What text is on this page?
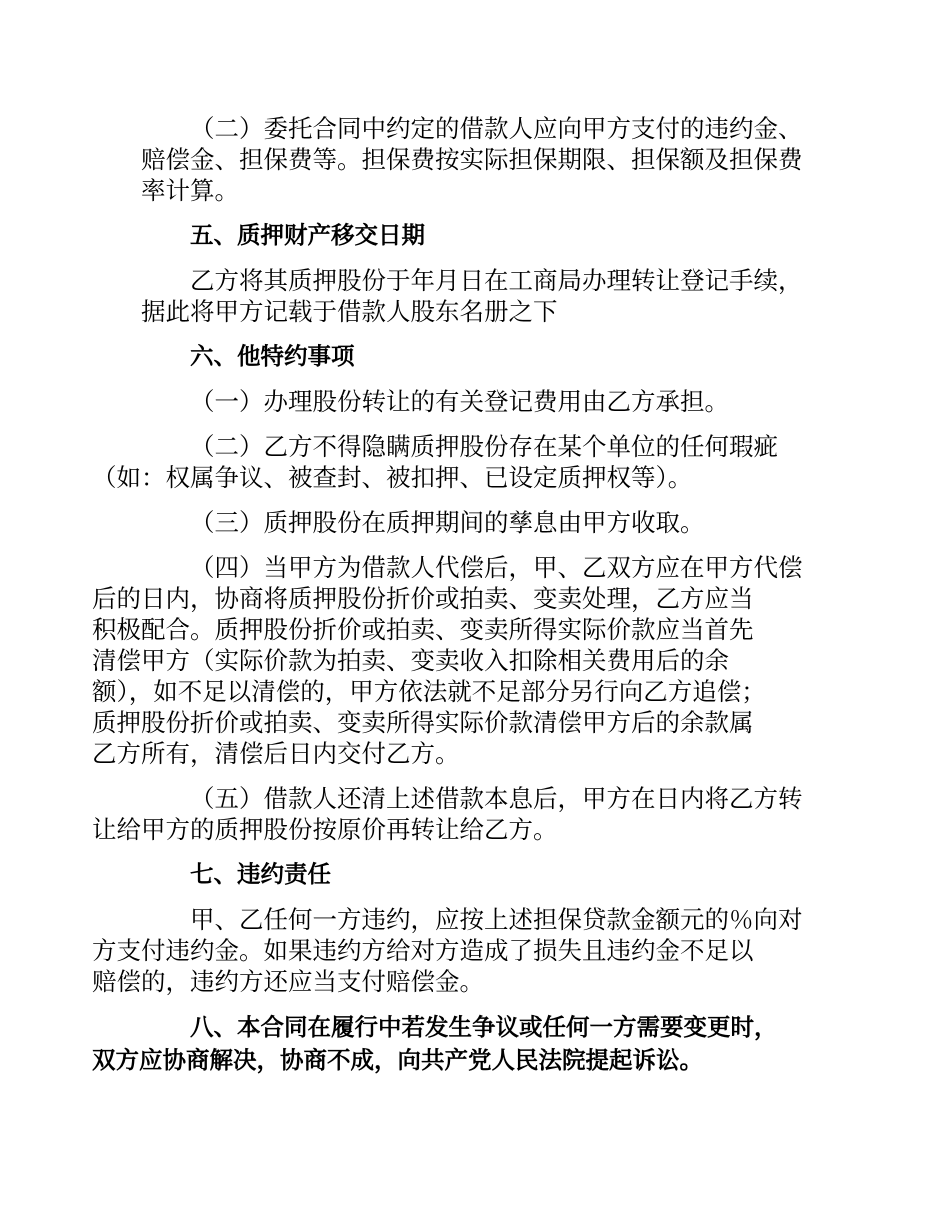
（二）委托合同中约定的借款人应向甲方支付的违约金、
赔偿金、担保费等。担保费按实际担保期限、担保额及担保费
率计算。
五、质押财产移交日期
乙方将其质押股份于年月日在工商局办理转让登记手续，
据此将甲方记载于借款人股东名册之下
六、他特约事项
（一）办理股份转让的有关登记费用由乙方承担。
（二）乙方不得隐瞒质押股份存在某个单位的任何瑕疵
（如：权属争议、被查封、被扣押、已设定质押权等）。
（三）质押股份在质押期间的孳息由甲方收取。
（四）当甲方为借款人代偿后，甲、乙双方应在甲方代偿
后的日内，协商将质押股份折价或拍卖、变卖处理，乙方应当
积极配合。质押股份折价或拍卖、变卖所得实际价款应当首先
清偿甲方（实际价款为拍卖、变卖收入扣除相关费用后的余
额），如不足以清偿的，甲方依法就不足部分另行向乙方追偿；
质押股份折价或拍卖、变卖所得实际价款清偿甲方后的余款属
乙方所有，清偿后日内交付乙方。
（五）借款人还清上述借款本息后，甲方在日内将乙方转
让给甲方的质押股份按原价再转让给乙方。
七、违约责任
甲、乙任何一方违约，应按上述担保贷款金额元的％向对
方支付违约金。如果违约方给对方造成了损失且违约金不足以
赔偿的，违约方还应当支付赔偿金。
八、本合同在履行中若发生争议或任何一方需要变更时，
双方应协商解决，协商不成，向共产党人民法院提起诉讼。
